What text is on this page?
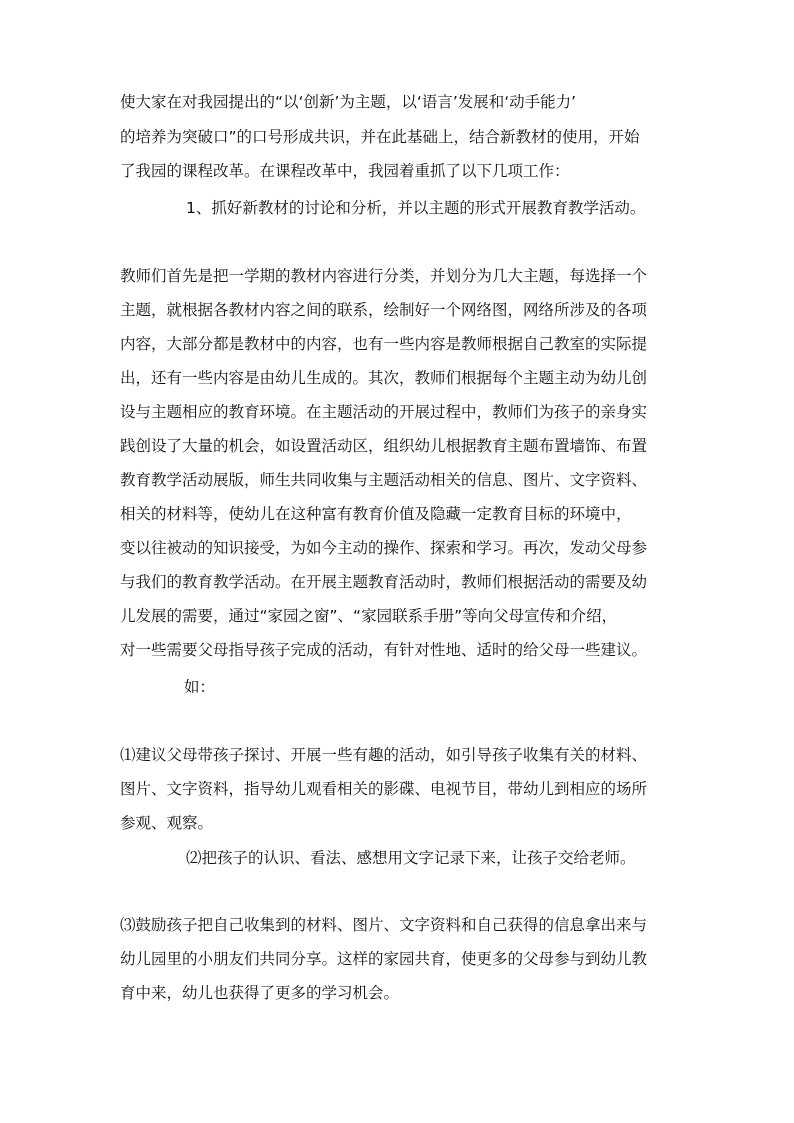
使大家在对我园提出的“以‘创新’为主题，以‘语言’发展和‘动手能力’
的培养为突破口”的口号形成共识，并在此基础上，结合新教材的使用，开始
了我园的课程改革。在课程改革中，我园着重抓了以下几项工作：
1、抓好新教材的讨论和分析，并以主题的形式开展教育教学活动。
教师们首先是把一学期的教材内容进行分类，并划分为几大主题，每选择一个
主题，就根据各教材内容之间的联系，绘制好一个网络图，网络所涉及的各项
内容，大部分都是教材中的内容，也有一些内容是教师根据自己教室的实际提
出，还有一些内容是由幼儿生成的。其次，教师们根据每个主题主动为幼儿创
设与主题相应的教育环境。在主题活动的开展过程中，教师们为孩子的亲身实
践创设了大量的机会，如设置活动区，组织幼儿根据教育主题布置墙饰、布置
教育教学活动展版，师生共同收集与主题活动相关的信息、图片、文字资料、
相关的材料等，使幼儿在这种富有教育价值及隐藏一定教育目标的环境中，
变以往被动的知识接受，为如今主动的操作、探索和学习。再次，发动父母参
与我们的教育教学活动。在开展主题教育活动时，教师们根据活动的需要及幼
儿发展的需要，通过“家园之窗”、“家园联系手册”等向父母宣传和介绍，
对一些需要父母指导孩子完成的活动，有针对性地、适时的给父母一些建议。
如：
⑴建议父母带孩子探讨、开展一些有趣的活动，如引导孩子收集有关的材料、
图片、文字资料，指导幼儿观看相关的影碟、电视节目，带幼儿到相应的场所
参观、观察。
⑵把孩子的认识、看法、感想用文字记录下来，让孩子交给老师。
⑶鼓励孩子把自己收集到的材料、图片、文字资料和自己获得的信息拿出来与
幼儿园里的小朋友们共同分享。这样的家园共育，使更多的父母参与到幼儿教
育中来，幼儿也获得了更多的学习机会。
